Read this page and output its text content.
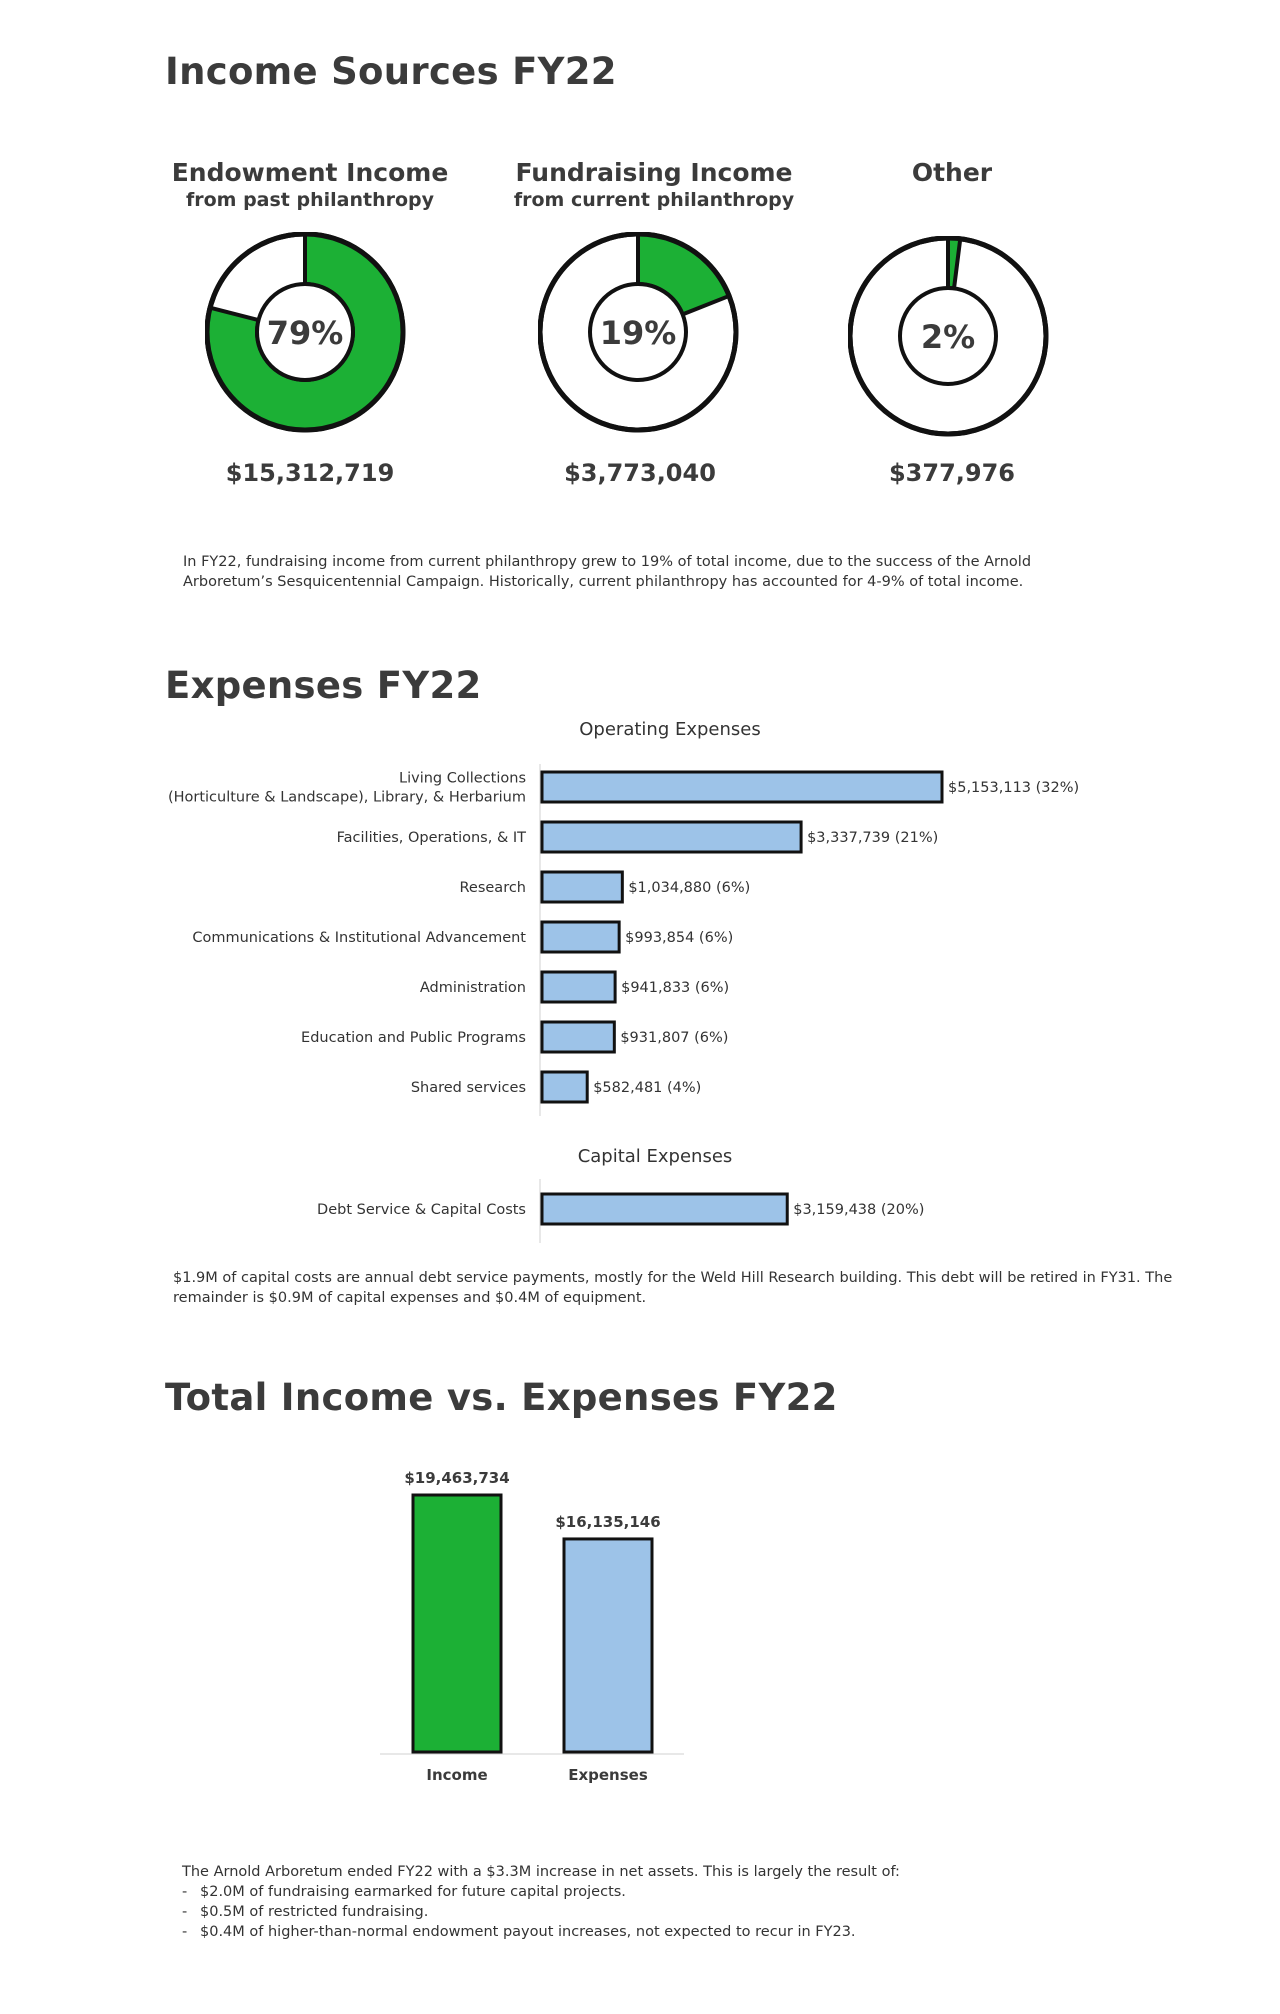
Income Sources FY22
Endowment Income
from past philanthropy
Fundraising Income
from current philanthropy
Other
79%	19%	2%
$15,312,719	$3,773,040	$377,976

In FY22, fundraising income from current philanthropy grew to 19% of total income, due to the success of the Arnold Arboretum’s Sesquicentennial Campaign. Historically, current philanthropy has accounted for 4-9% of total income.

Expenses FY22
Operating Expenses
$5,153,113 (32%)
Living Collections
(Horticulture & Landscape), Library, & Herbarium
$3,337,739 (21%)
Facilities, Operations, & IT
$1,034,880 (6%)
Research
$993,854 (6%)
Communications & Institutional Advancement
$941,833 (6%)
Administration
$931,807 (6%)
Education and Public Programs
$582,481 (4%)
Shared services
Capital Expenses
$3,159,438 (20%)
Debt Service & Capital Costs

$1.9M of capital costs are annual debt service payments, mostly for the Weld Hill Research building. This debt will be retired in FY31. The remainder is $0.9M of capital expenses and $0.4M of equipment.

Total Income vs. Expenses FY22
$19,463,734
Income
$16,135,146
Expenses

The Arnold Arboretum ended FY22 with a $3.3M increase in net assets. This is largely the result of:

- $2.0M of fundraising earmarked for future capital projects.
- $0.5M of restricted fundraising.
- $0.4M of higher-than-normal endowment payout increases, not expected to recur in FY23.
